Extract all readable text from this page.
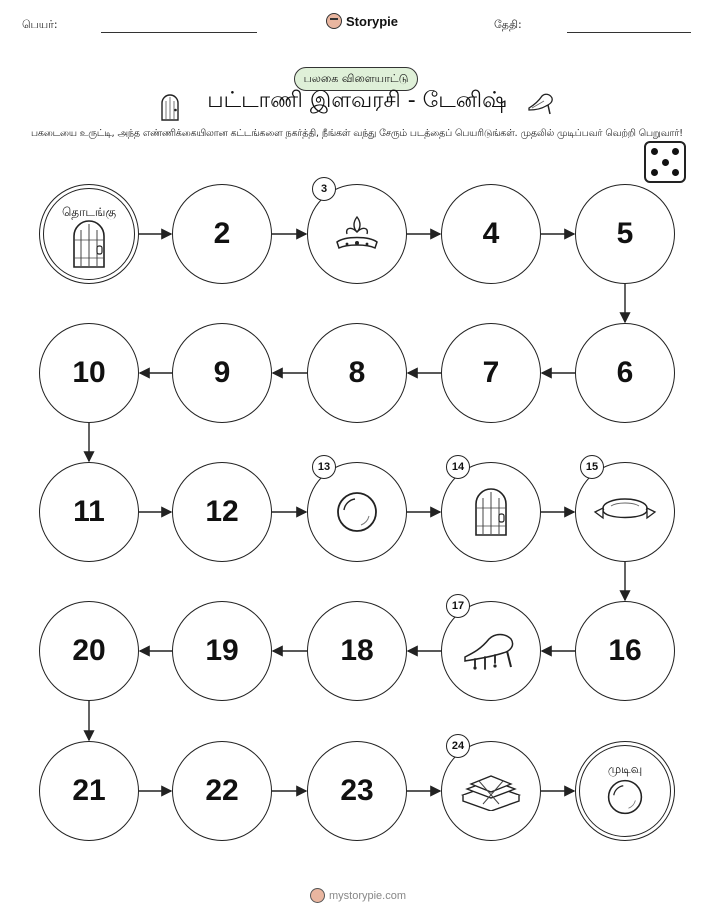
பெயர்:	Storypie	தேதி:
பலகை விளையாட்டு
பட்டாணி இளவரசி - டேனிஷ்
பகடையை உருட்டி, அந்த எண்ணிக்கையிலான கட்டங்களை நகர்த்தி, நீங்கள் வந்து சேரும் படத்தைப் பெயரிடுங்கள். முதலில் முடிப்பவர் வெற்றி பெறுவார்!
தொடங்கு
2
3
4	5
6
7
8
9
10
11	12
13	14	15
16
17
18
19
20
21	22	23
24
முடிவு
mystorypie.com
